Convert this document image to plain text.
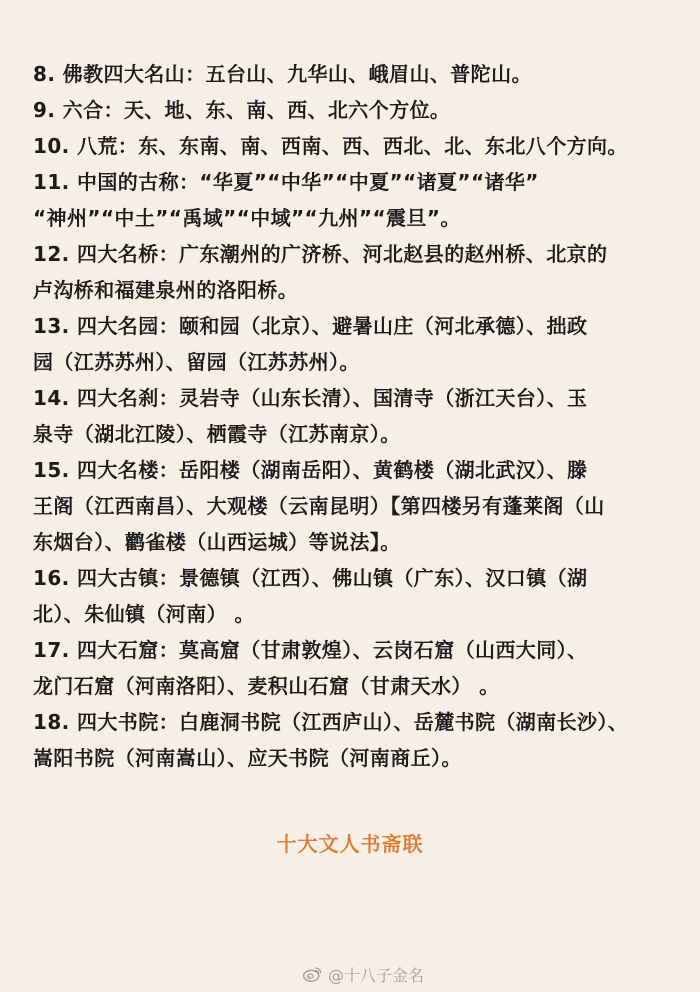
8. 佛教四大名山：五台山、九华山、峨眉山、普陀山。
9. 六合：天、地、东、南、西、北六个方位。
10. 八荒：东、东南、南、西南、西、西北、北、东北八个方向。
11. 中国的古称：“华夏”“中华”“中夏”“诸夏”“诸华”
“神州”“中土”“禹域”“中域”“九州”“震旦”。
12. 四大名桥：广东潮州的广济桥、河北赵县的赵州桥、北京的
卢沟桥和福建泉州的洛阳桥。
13. 四大名园：颐和园（北京）、避暑山庄（河北承德）、拙政
园（江苏苏州）、留园（江苏苏州）。
14. 四大名刹：灵岩寺（山东长清）、国清寺（浙江天台）、玉
泉寺（湖北江陵）、栖霞寺（江苏南京）。
15. 四大名楼：岳阳楼（湖南岳阳）、黄鹤楼（湖北武汉）、滕
王阁（江西南昌）、大观楼（云南昆明）【第四楼另有蓬莱阁（山
东烟台）、鹳雀楼（山西运城）等说法】。
16. 四大古镇：景德镇（江西）、佛山镇（广东）、汉口镇（湖
北）、朱仙镇（河南） 。
17. 四大石窟：莫高窟（甘肃敦煌）、云岗石窟（山西大同）、
龙门石窟（河南洛阳）、麦积山石窟（甘肃天水） 。
18. 四大书院：白鹿洞书院（江西庐山）、岳麓书院（湖南长沙）、
嵩阳书院（河南嵩山）、应天书院（河南商丘）。
十大文人书斋联
@十八子金名
